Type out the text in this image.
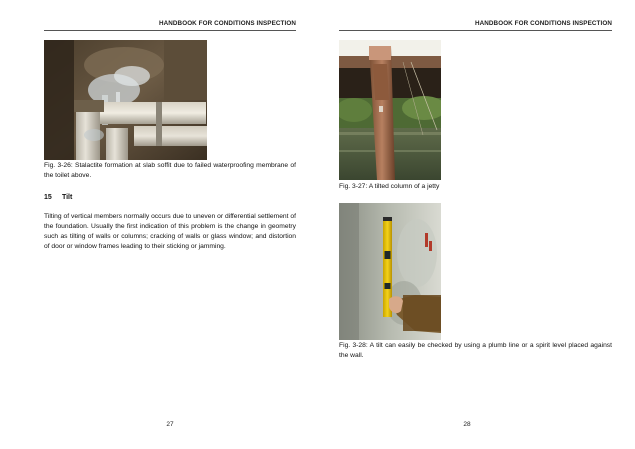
HANDBOOK FOR CONDITIONS INSPECTION
Fig. 3-26: Stalactite formation at slab soffit due to failed waterproofing membrane of the toilet above.
15 Tilt
Tilting of vertical members normally occurs due to uneven or differential settlement of the foundation. Usually the first indication of this problem is the change in geometry such as tilting of walls or columns; cracking of walls or glass window; and distortion of door or window frames leading to their sticking or jamming.
27
HANDBOOK FOR CONDITIONS INSPECTION
Fig. 3-27: A tilted column of a jetty
Fig. 3-28: A tilt can easily be checked by using a plumb line or a spirit level placed against the wall.
28
